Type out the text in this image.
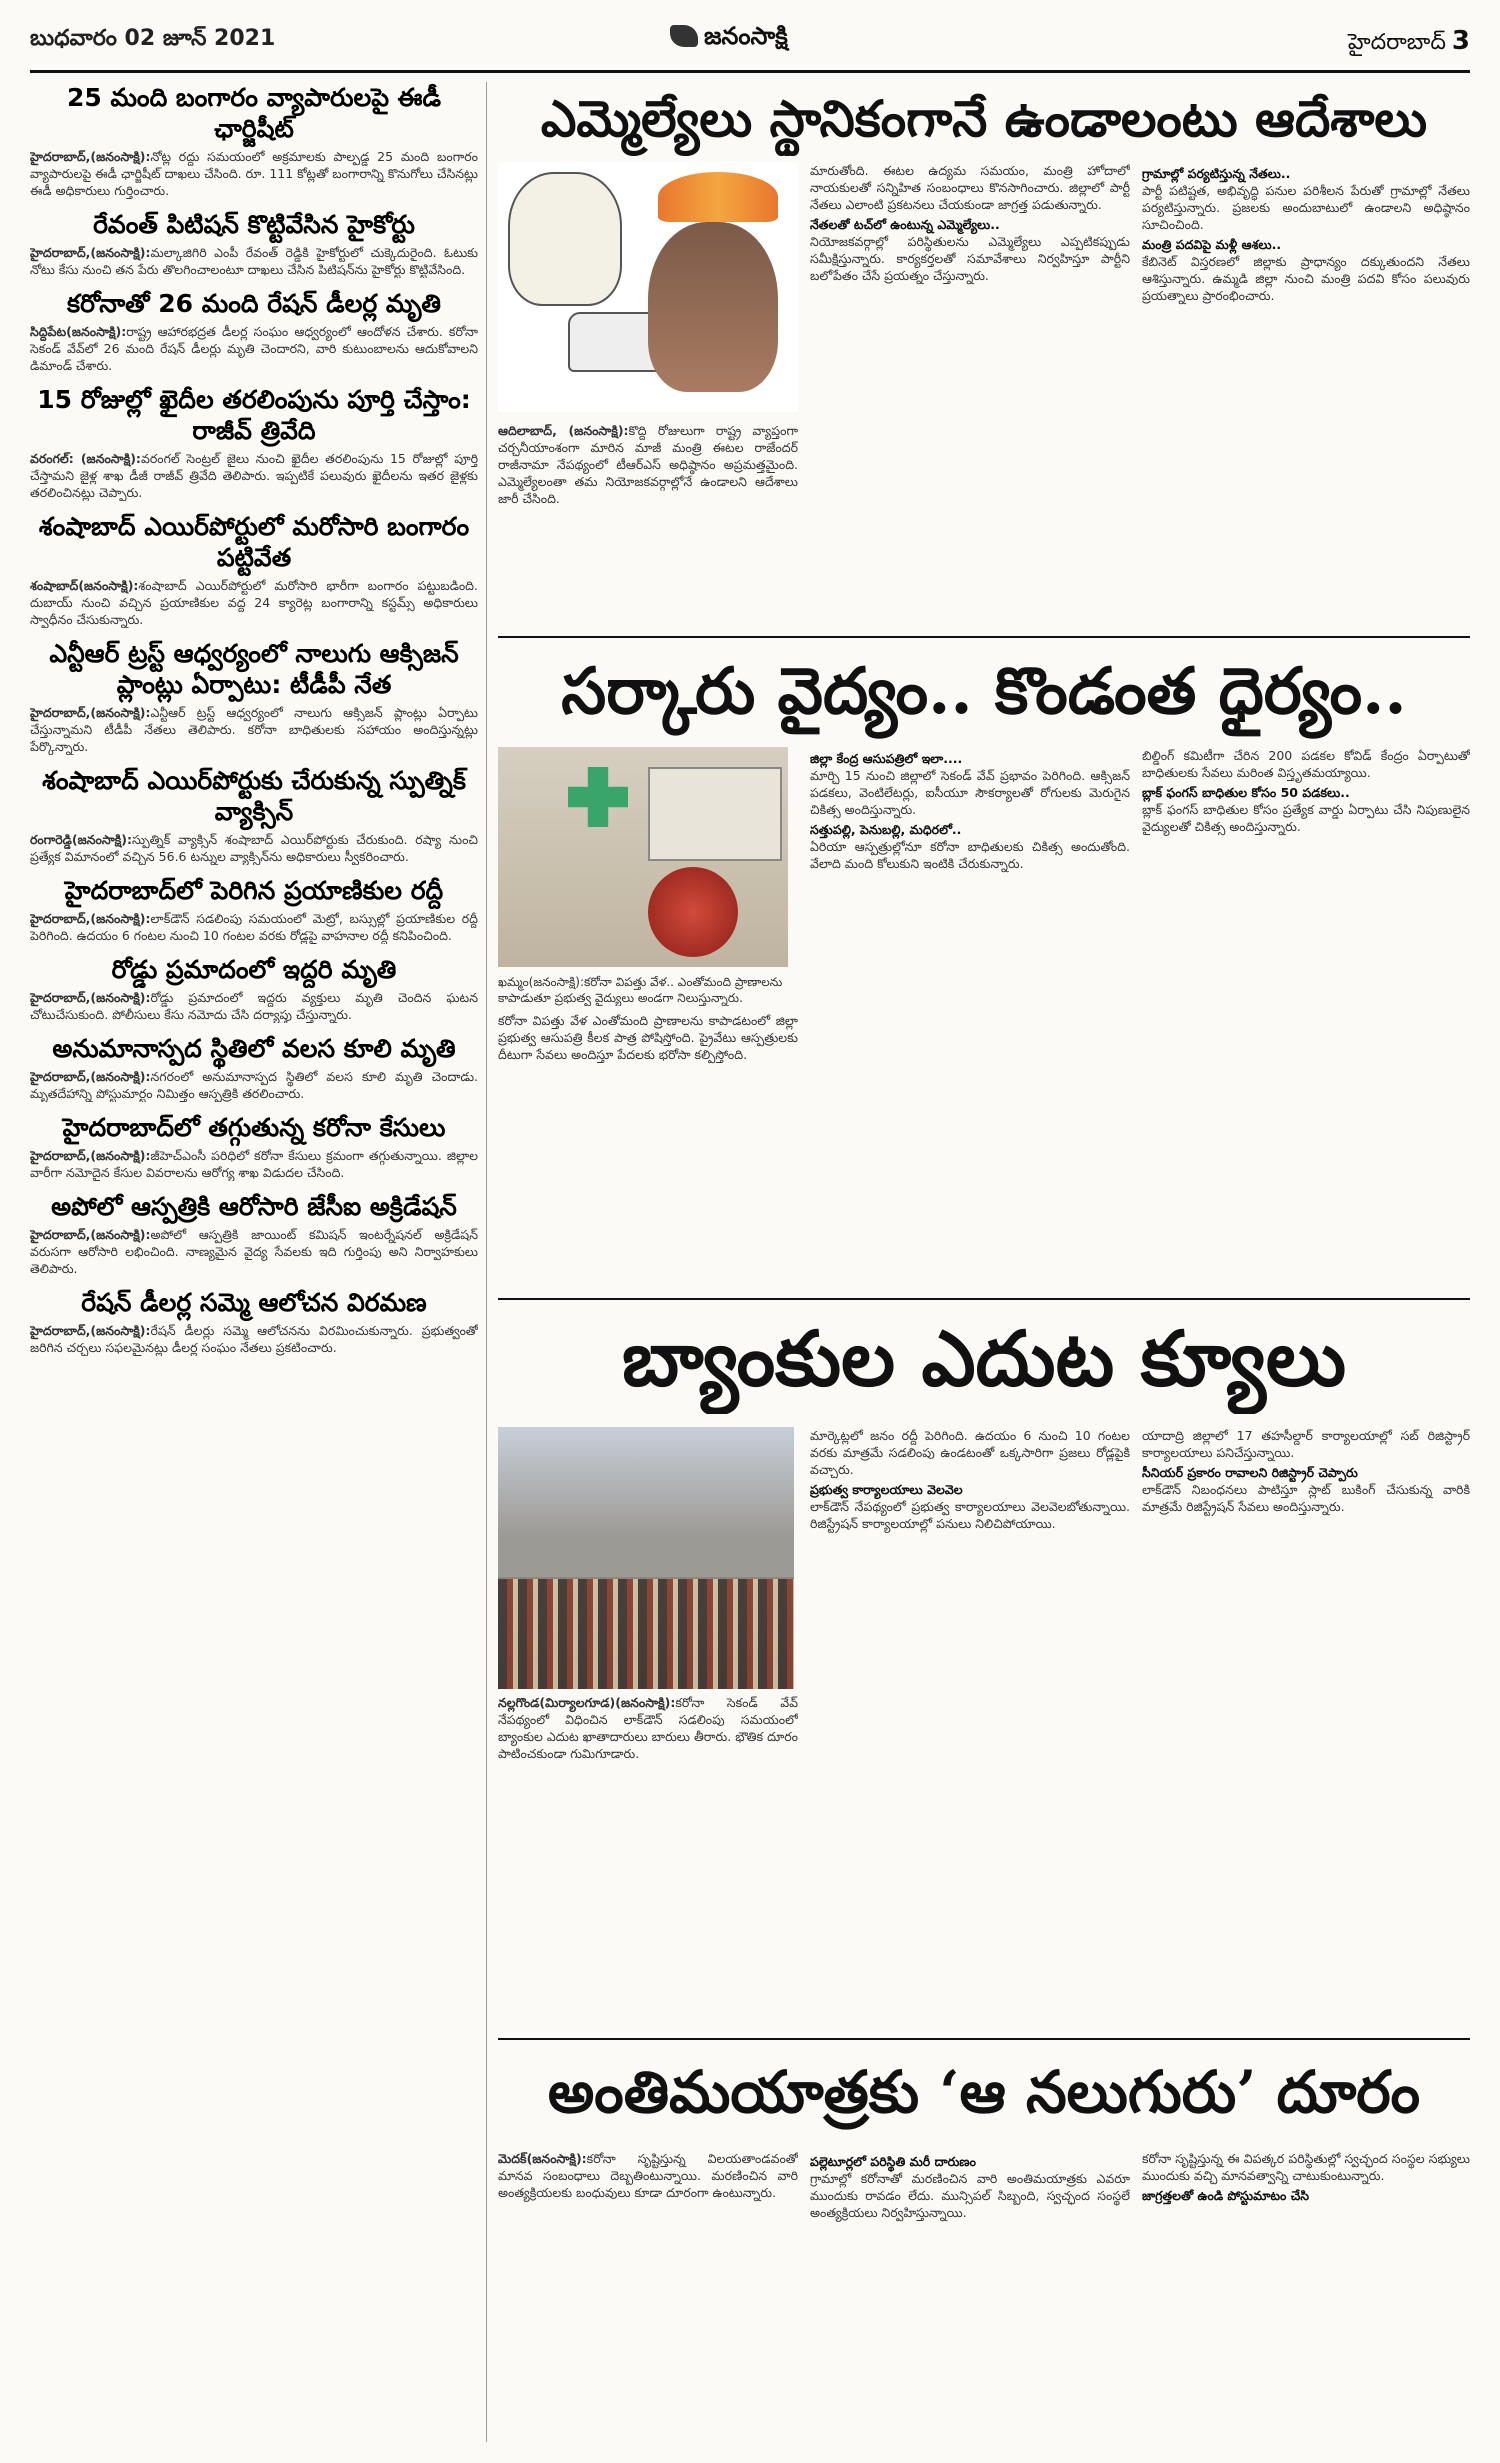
బుధవారం 02 జూన్ 2021	జనంసాక్షి	హైదరాబాద్ 3
25 మంది బంగారం వ్యాపారులపై ఈడీ ఛార్జిషీట్

హైదరాబాద్‌,(జనంసాక్షి):నోట్ల రద్దు సమయంలో అక్రమాలకు పాల్పడ్డ 25 మంది బంగారం వ్యాపారులపై ఈడీ ఛార్జిషీట్‌ దాఖలు చేసింది. రూ. 111 కోట్లతో బంగారాన్ని కొనుగోలు చేసినట్లు ఈడీ అధికారులు గుర్తించారు.

రేవంత్‌ పిటిషన్‌ కొట్టివేసిన హైకోర్టు

హైదరాబాద్‌,(జనంసాక్షి):మల్కాజిగిరి ఎంపీ రేవంత్‌ రెడ్డికి హైకోర్టులో చుక్కెదురైంది. ఓటుకు నోటు కేసు నుంచి తన పేరు తొలగించాలంటూ దాఖలు చేసిన పిటిషన్‌ను హైకోర్టు కొట్టివేసింది.

కరోనాతో 26 మంది రేషన్‌ డీలర్ల మృతి

సిద్దిపేట(జనంసాక్షి):రాష్ట్ర ఆహారభద్రత డీలర్ల సంఘం ఆధ్వర్యంలో ఆందోళన చేశారు. కరోనా సెకండ్‌ వేవ్‌లో 26 మంది రేషన్‌ డీలర్లు మృతి చెందారని, వారి కుటుంబాలను ఆదుకోవాలని డిమాండ్‌ చేశారు.

15 రోజుల్లో ఖైదీల తరలింపును పూర్తి చేస్తాం: రాజీవ్‌ త్రివేది

వరంగల్‌: (జనంసాక్షి):వరంగల్‌ సెంట్రల్‌ జైలు నుంచి ఖైదీల తరలింపును 15 రోజుల్లో పూర్తి చేస్తామని జైళ్ల శాఖ డీజీ రాజీవ్‌ త్రివేది తెలిపారు. ఇప్పటికే పలువురు ఖైదీలను ఇతర జైళ్లకు తరలించినట్లు చెప్పారు.

శంషాబాద్‌ ఎయిర్‌పోర్టులో మరోసారి బంగారం పట్టివేత

శంషాబాద్‌(జనంసాక్షి):శంషాబాద్‌ ఎయిర్‌పోర్టులో మరోసారి భారీగా బంగారం పట్టుబడింది. దుబాయ్‌ నుంచి వచ్చిన ప్రయాణికుల వద్ద 24 క్యారెట్ల బంగారాన్ని కస్టమ్స్‌ అధికారులు స్వాధీనం చేసుకున్నారు.

ఎన్టీఆర్‌ ట్రస్ట్‌ ఆధ్వర్యంలో నాలుగు ఆక్సిజన్‌ ప్లాంట్లు ఏర్పాటు: టీడీపీ నేత

హైదరాబాద్‌,(జనంసాక్షి):ఎన్టీఆర్‌ ట్రస్ట్‌ ఆధ్వర్యంలో నాలుగు ఆక్సిజన్‌ ప్లాంట్లు ఏర్పాటు చేస్తున్నామని టీడీపీ నేతలు తెలిపారు. కరోనా బాధితులకు సహాయం అందిస్తున్నట్లు పేర్కొన్నారు.

శంషాబాద్‌ ఎయిర్‌పోర్టుకు చేరుకున్న స్పుత్నిక్‌ వ్యాక్సిన్‌

రంగారెడ్డి(జనంసాక్షి):స్పుత్నిక్‌ వ్యాక్సిన్‌ శంషాబాద్‌ ఎయిర్‌పోర్టుకు చేరుకుంది. రష్యా నుంచి ప్రత్యేక విమానంలో వచ్చిన 56.6 టన్నుల వ్యాక్సిన్‌ను అధికారులు స్వీకరించారు.

హైదరాబాద్‌లో పెరిగిన ప్రయాణికుల రద్దీ

హైదరాబాద్‌,(జనంసాక్షి):లాక్‌డౌన్‌ సడలింపు సమయంలో మెట్రో, బస్సుల్లో ప్రయాణికుల రద్దీ పెరిగింది. ఉదయం 6 గంటల నుంచి 10 గంటల వరకు రోడ్లపై వాహనాల రద్దీ కనిపించింది.

రోడ్డు ప్రమాదంలో ఇద్దరి మృతి

హైదరాబాద్‌,(జనంసాక్షి):రోడ్డు ప్రమాదంలో ఇద్దరు వ్యక్తులు మృతి చెందిన ఘటన చోటుచేసుకుంది. పోలీసులు కేసు నమోదు చేసి దర్యాప్తు చేస్తున్నారు.

అనుమానాస్పద స్థితిలో వలస కూలి మృతి

హైదరాబాద్‌,(జనంసాక్షి):నగరంలో అనుమానాస్పద స్థితిలో వలస కూలి మృతి చెందాడు. మృతదేహాన్ని పోస్టుమార్టం నిమిత్తం ఆస్పత్రికి తరలించారు.

హైదరాబాద్‌లో తగ్గుతున్న కరోనా కేసులు

హైదరాబాద్‌,(జనంసాక్షి):జీహెచ్‌ఎంసీ పరిధిలో కరోనా కేసులు క్రమంగా తగ్గుతున్నాయి. జిల్లాల వారీగా నమోదైన కేసుల వివరాలను ఆరోగ్య శాఖ విడుదల చేసింది.

అపోలో ఆస్పత్రికి ఆరోసారి జేసీఐ అక్రిడేషన్‌

హైదరాబాద్‌,(జనంసాక్షి):అపోలో ఆస్పత్రికి జాయింట్‌ కమిషన్‌ ఇంటర్నేషనల్‌ అక్రిడేషన్‌ వరుసగా ఆరోసారి లభించింది. నాణ్యమైన వైద్య సేవలకు ఇది గుర్తింపు అని నిర్వాహకులు తెలిపారు.

రేషన్‌ డీలర్ల సమ్మె ఆలోచన విరమణ

హైదరాబాద్‌,(జనంసాక్షి):రేషన్‌ డీలర్లు సమ్మె ఆలోచనను విరమించుకున్నారు. ప్రభుత్వంతో జరిగిన చర్చలు సఫలమైనట్లు డీలర్ల సంఘం నేతలు ప్రకటించారు.

ఎమ్మెల్యేలు స్థానికంగానే ఉండాలంటు ఆదేశాలు

ఆదిలాబాద్‌, (జనంసాక్షి):కొద్ది రోజులుగా రాష్ట్ర వ్యాప్తంగా చర్చనీయాంశంగా మారిన మాజీ మంత్రి ఈటల రాజేందర్‌ రాజీనామా నేపథ్యంలో టీఆర్‌ఎస్‌ అధిష్ఠానం అప్రమత్తమైంది. ఎమ్మెల్యేలంతా తమ నియోజకవర్గాల్లోనే ఉండాలని ఆదేశాలు జారీ చేసింది.

మారుతోంది. ఈటల ఉద్యమ సమయం, మంత్రి హోదాలో నాయకులతో సన్నిహిత సంబంధాలు కొనసాగించారు. జిల్లాలో పార్టీ నేతలు ఎలాంటి ప్రకటనలు చేయకుండా జాగ్రత్త పడుతున్నారు.

నేతలతో టచ్‌లో ఉంటున్న ఎమ్మెల్యేలు..

నియోజకవర్గాల్లో పరిస్థితులను ఎమ్మెల్యేలు ఎప్పటికప్పుడు సమీక్షిస్తున్నారు. కార్యకర్తలతో సమావేశాలు నిర్వహిస్తూ పార్టీని బలోపేతం చేసే ప్రయత్నం చేస్తున్నారు.

గ్రామాల్లో పర్యటిస్తున్న నేతలు..

పార్టీ పటిష్టత, అభివృద్ధి పనుల పరిశీలన పేరుతో గ్రామాల్లో నేతలు పర్యటిస్తున్నారు. ప్రజలకు అందుబాటులో ఉండాలని అధిష్ఠానం సూచించింది.

మంత్రి పదవిపై మళ్లీ ఆశలు..

కేబినెట్‌ విస్తరణలో జిల్లాకు ప్రాధాన్యం దక్కుతుందని నేతలు ఆశిస్తున్నారు. ఉమ్మడి జిల్లా నుంచి మంత్రి పదవి కోసం పలువురు ప్రయత్నాలు ప్రారంభించారు.

సర్కారు వైద్యం.. కొండంత ధైర్యం..
ఖమ్మం(జనంసాక్షి):కరోనా విపత్తు వేళ.. ఎంతోమంది ప్రాణాలను కాపాడుతూ ప్రభుత్వ వైద్యులు అండగా నిలుస్తున్నారు.

కరోనా విపత్తు వేళ ఎంతోమంది ప్రాణాలను కాపాడటంలో జిల్లా ప్రభుత్వ ఆసుపత్రి కీలక పాత్ర పోషిస్తోంది. ప్రైవేటు ఆస్పత్రులకు దీటుగా సేవలు అందిస్తూ పేదలకు భరోసా కల్పిస్తోంది.

జిల్లా కేంద్ర ఆసుపత్రిలో ఇలా....

మార్చి 15 నుంచి జిల్లాలో సెకండ్‌ వేవ్‌ ప్రభావం పెరిగింది. ఆక్సిజన్‌ పడకలు, వెంటిలేటర్లు, ఐసీయూ సౌకర్యాలతో రోగులకు మెరుగైన చికిత్స అందిస్తున్నారు.

సత్తుపల్లి, పెనుబల్లి, మధిరలో..

ఏరియా ఆస్పత్రుల్లోనూ కరోనా బాధితులకు చికిత్స అందుతోంది. వేలాది మంది కోలుకుని ఇంటికి చేరుకున్నారు.

బిల్డింగ్‌ కమిటీగా చేరిన 200 పడకల కోవిడ్‌ కేంద్రం ఏర్పాటుతో బాధితులకు సేవలు మరింత విస్తృతమయ్యాయి.

బ్లాక్‌ ఫంగస్‌ బాధితుల కోసం 50 పడకలు..

బ్లాక్‌ ఫంగస్‌ బాధితుల కోసం ప్రత్యేక వార్డు ఏర్పాటు చేసి నిపుణులైన వైద్యులతో చికిత్స అందిస్తున్నారు.

బ్యాంకుల ఎదుట క్యూలు

నల్లగొండ(మిర్యాలగూడ)(జనంసాక్షి):కరోనా సెకండ్‌ వేవ్‌ నేపథ్యంలో విధించిన లాక్‌డౌన్‌ సడలింపు సమయంలో బ్యాంకుల ఎదుట ఖాతాదారులు బారులు తీరారు. భౌతిక దూరం పాటించకుండా గుమిగూడారు.

మార్కెట్లలో జనం రద్దీ పెరిగింది. ఉదయం 6 నుంచి 10 గంటల వరకు మాత్రమే సడలింపు ఉండటంతో ఒక్కసారిగా ప్రజలు రోడ్లపైకి వచ్చారు.

ప్రభుత్వ కార్యాలయాలు వెలవెల

లాక్‌డౌన్‌ నేపథ్యంలో ప్రభుత్వ కార్యాలయాలు వెలవెలబోతున్నాయి. రిజిస్ట్రేషన్‌ కార్యాలయాల్లో పనులు నిలిచిపోయాయి.

యాదాద్రి జిల్లాలో 17 తహసీల్దార్‌ కార్యాలయాల్లో సబ్‌ రిజిస్ట్రార్‌ కార్యాలయాలు పనిచేస్తున్నాయి.

సీనియర్‌ ప్రకారం రావాలని రిజిస్ట్రార్‌ చెప్పారు

లాక్‌డౌన్‌ నిబంధనలు పాటిస్తూ స్లాట్‌ బుకింగ్‌ చేసుకున్న వారికి మాత్రమే రిజిస్ట్రేషన్‌ సేవలు అందిస్తున్నారు.

అంతిమయాత్రకు ‘ఆ నలుగురు’ దూరం

మెదక్‌(జనంసాక్షి):కరోనా సృష్టిస్తున్న విలయతాండవంతో మానవ సంబంధాలు దెబ్బతింటున్నాయి. మరణించిన వారి అంత్యక్రియలకు బంధువులు కూడా దూరంగా ఉంటున్నారు.

పల్లెటూర్లలో పరిస్థితి మరీ దారుణం

గ్రామాల్లో కరోనాతో మరణించిన వారి అంతిమయాత్రకు ఎవరూ ముందుకు రావడం లేదు. మున్సిపల్‌ సిబ్బంది, స్వచ్ఛంద సంస్థలే అంత్యక్రియలు నిర్వహిస్తున్నాయి.

కరోనా సృష్టిస్తున్న ఈ విపత్కర పరిస్థితుల్లో స్వచ్ఛంద సంస్థల సభ్యులు ముందుకు వచ్చి మానవత్వాన్ని చాటుకుంటున్నారు.

జాగ్రత్తలతో ఉండి పోస్టుమాటం చేసి
